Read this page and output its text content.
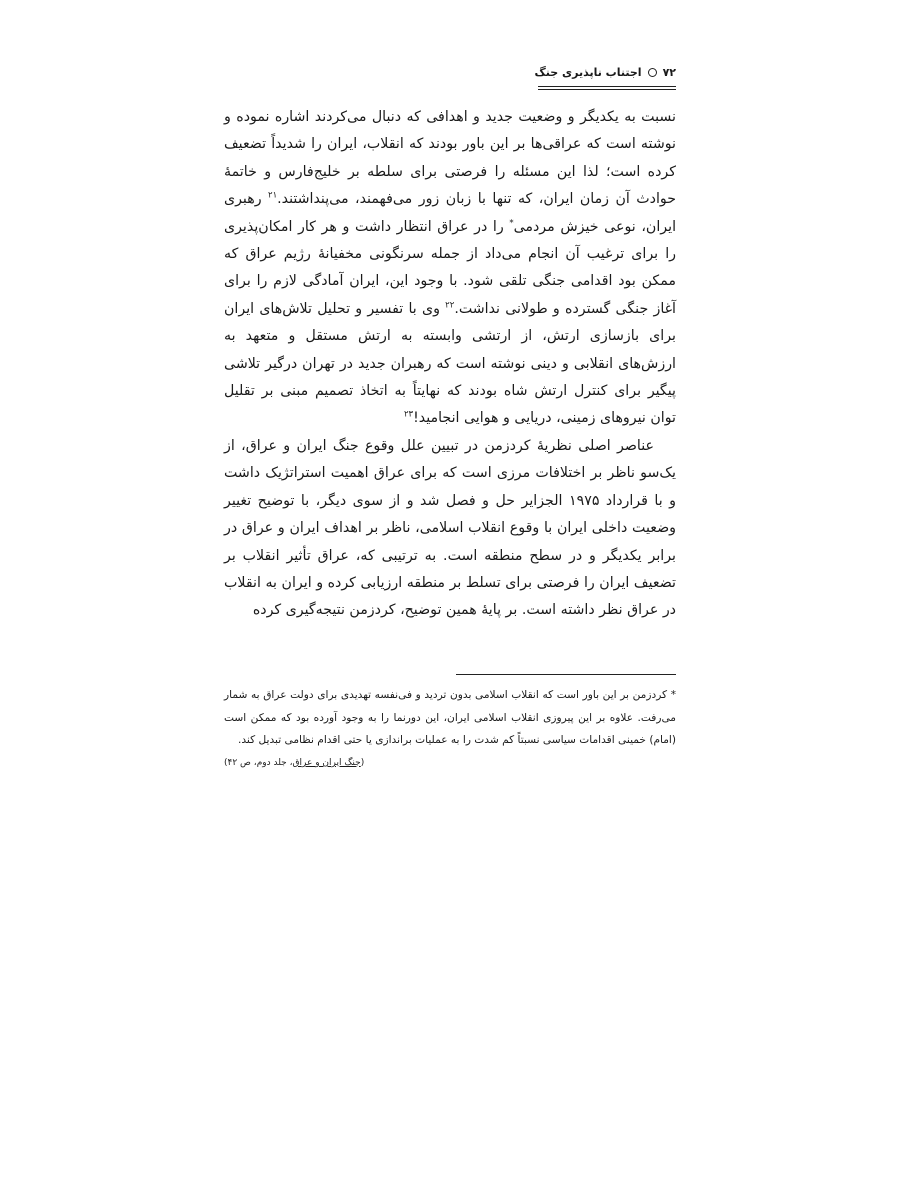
۷۲
اجتناب ناپذیری جنگ

نسبت به یکدیگر و وضعیت جدید و اهدافی که دنبال می‌کردند اشاره نموده و نوشته است که عراقی‌ها بر این باور بودند که انقلاب، ایران را شدیداً تضعیف کرده است؛ لذا این مسئله را فرصتی برای سلطه بر خلیج‌فارس و خاتمهٔ حوادث آن زمان ایران، که تنها با زبان زور می‌فهمند، می‌پنداشتند.$^{۲۱}$ رهبری ایران، نوعی خیزش مردمی* را در عراق انتظار داشت و هر کار امکان‌پذیری را برای ترغیب آن انجام می‌داد از جمله سرنگونی مخفیانهٔ رژیم عراق که ممکن بود اقدامی جنگی تلقی شود. با وجود این، ایران آمادگی لازم را برای آغاز جنگی گسترده و طولانی نداشت.$^{۲۲}$ وی با تفسیر و تحلیل تلاش‌های ایران برای بازسازی ارتش، از ارتشی وابسته به ارتش مستقل و متعهد به ارزش‌های انقلابی و دینی نوشته است که رهبران جدید در تهران درگیر تلاشی پیگیر برای کنترل ارتش شاه بودند که نهایتاً به اتخاذ تصمیم مبنی بر تقلیل توان نیروهای زمینی، دریایی و هوایی انجامید!$^{۲۳}$

عناصر اصلی نظریهٔ کردزمن در تبیین علل وقوع جنگ ایران و عراق، از یک‌سو ناظر بر اختلافات مرزی است که برای عراق اهمیت استراتژیک داشت و با قرارداد ۱۹۷۵ الجزایر حل و فصل شد و از سوی دیگر، با توضیح تغییر وضعیت داخلی ایران با وقوع انقلاب اسلامی، ناظر بر اهداف ایران و عراق در برابر یکدیگر و در سطح منطقه است. به ترتیبی که، عراق تأثیر انقلاب بر تضعیف ایران را فرصتی برای تسلط بر منطقه ارزیابی کرده و ایران به انقلاب در عراق نظر داشته است. بر پایهٔ همین توضیح، کردزمن نتیجه‌گیری کرده

* کردزمن بر این باور است که انقلاب اسلامی بدون تردید و فی‌نفسه تهدیدی برای دولت عراق به شمار می‌رفت. علاوه بر این پیروزی انقلاب اسلامی ایران، این دورنما را به وجود آورده بود که ممکن است (امام) خمینی اقدامات سیاسی نسبتاً کم شدت را به عملیات براندازی یا حتی اقدام نظامی تبدیل کند.
(جنگ ایران و عراق، جلد دوم، ص ۴۲)
